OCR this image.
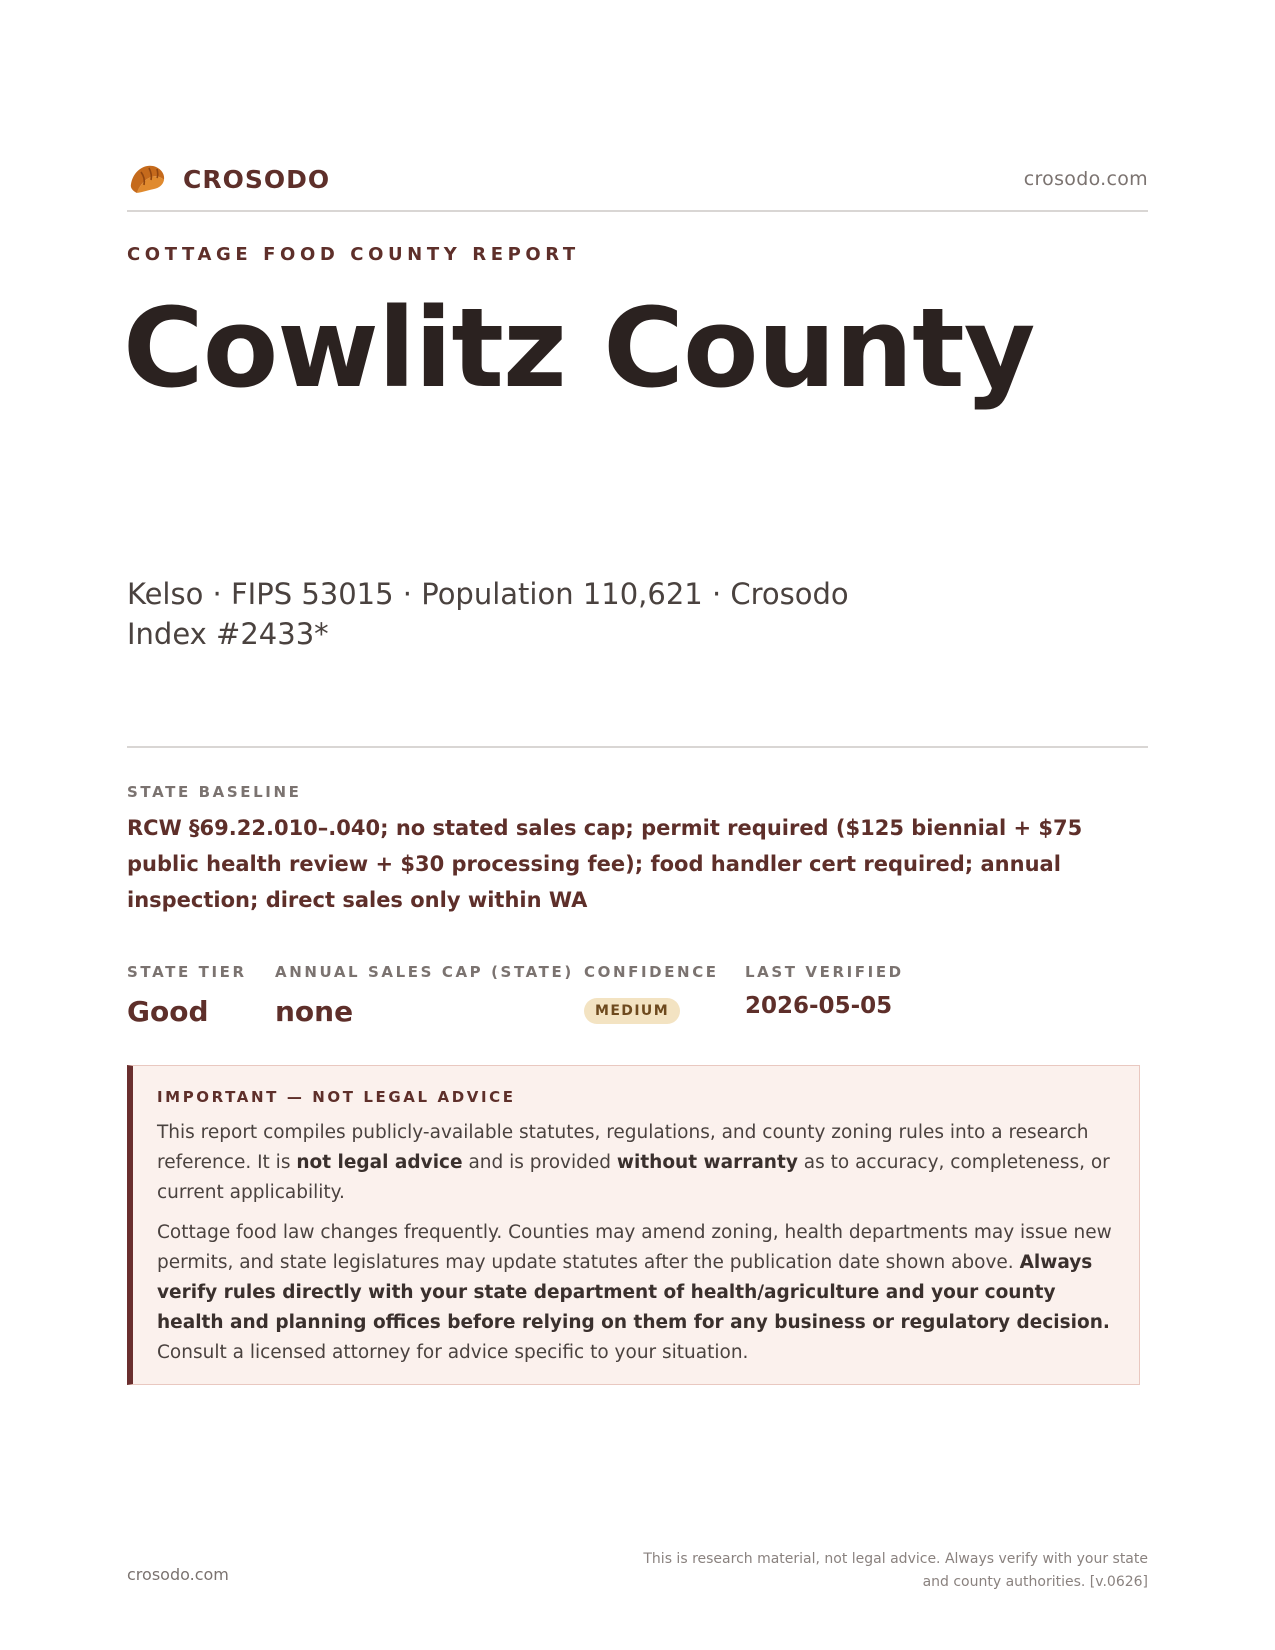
CROSODO	crosodo.com
COTTAGE FOOD COUNTY REPORT
Cowlitz County
Kelso · FIPS 53015 · Population 110,621 · Crosodo Index #2433*
STATE BASELINE
RCW §69.22.010–.040; no stated sales cap; permit required ($125 biennial + $75 public health review + $30 processing fee); food handler cert required; annual inspection; direct sales only within WA
STATE TIER
Good
ANNUAL SALES CAP (STATE)
none
CONFIDENCE
MEDIUM
LAST VERIFIED
2026-05-05
IMPORTANT — NOT LEGAL ADVICE

This report compiles publicly-available statutes, regulations, and county zoning rules into a research reference. It is not legal advice and is provided without warranty as to accuracy, completeness, or current applicability.

Cottage food law changes frequently. Counties may amend zoning, health departments may issue new permits, and state legislatures may update statutes after the publication date shown above. Always verify rules directly with your state department of health/agriculture and your county health and planning offices before relying on them for any business or regulatory decision. Consult a licensed attorney for advice specific to your situation.

crosodo.com
This is research material, not legal advice. Always verify with your state
and county authorities. [v.0626]
